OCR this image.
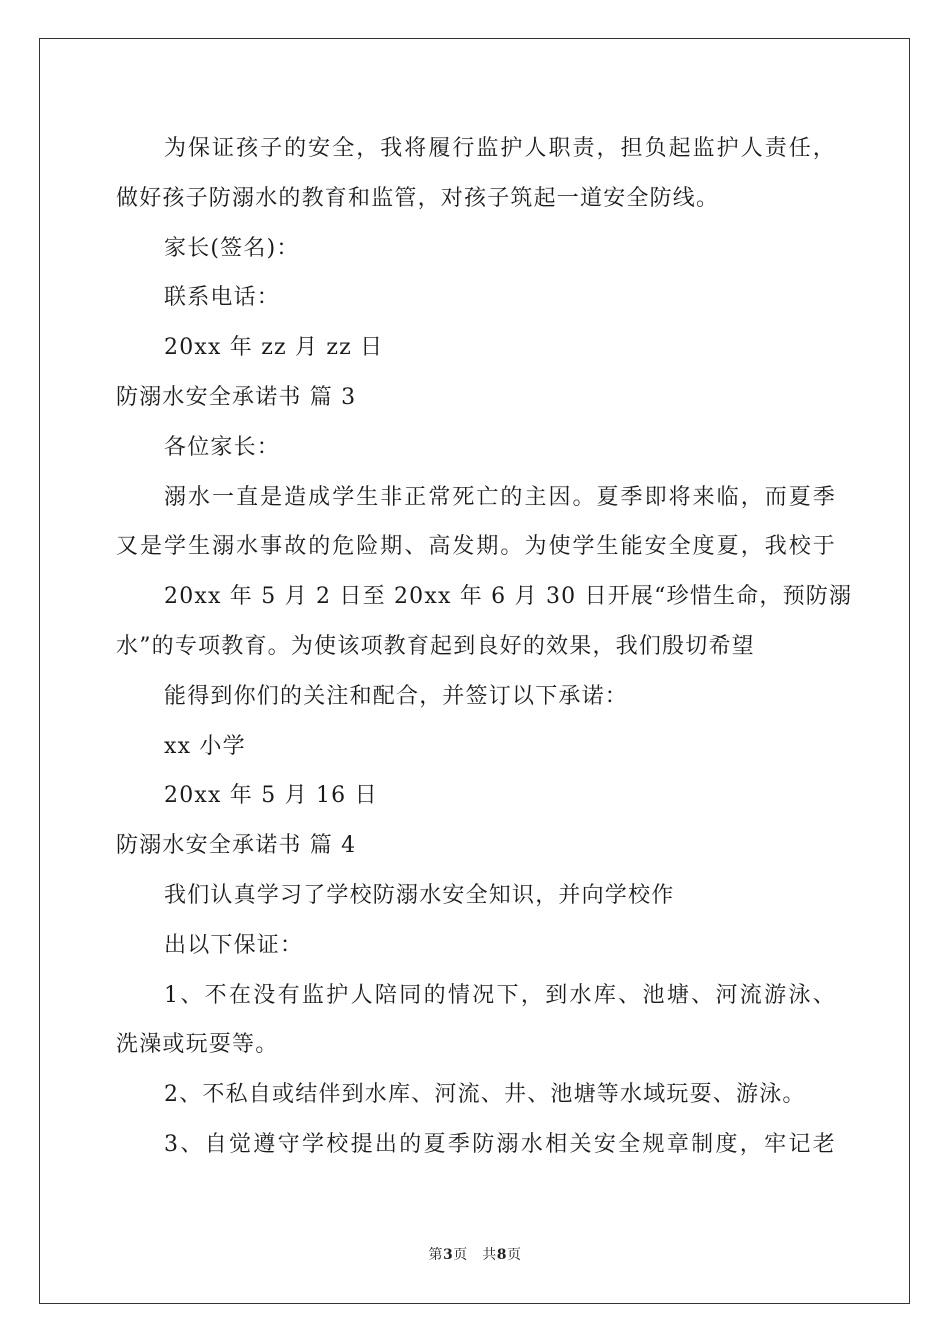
为保证孩子的安全，我将履行监护人职责，担负起监护人责任，
做好孩子防溺水的教育和监管，对孩子筑起一道安全防线。
家长(签名)：
联系电话：
20xx 年 zz 月 zz 日
防溺水安全承诺书 篇 3
各位家长：
溺水一直是造成学生非正常死亡的主因。夏季即将来临，而夏季
又是学生溺水事故的危险期、高发期。为使学生能安全度夏，我校于
20xx 年 5 月 2 日至 20xx 年 6 月 30 日开展“珍惜生命，预防溺
水”的专项教育。为使该项教育起到良好的效果，我们殷切希望
能得到你们的关注和配合，并签订以下承诺：
xx 小学
20xx 年 5 月 16 日
防溺水安全承诺书 篇 4
我们认真学习了学校防溺水安全知识，并向学校作
出以下保证：
1、不在没有监护人陪同的情况下，到水库、池塘、河流游泳、
洗澡或玩耍等。
2、不私自或结伴到水库、河流、井、池塘等水域玩耍、游泳。
3、自觉遵守学校提出的夏季防溺水相关安全规章制度，牢记老
第3页　共8页
